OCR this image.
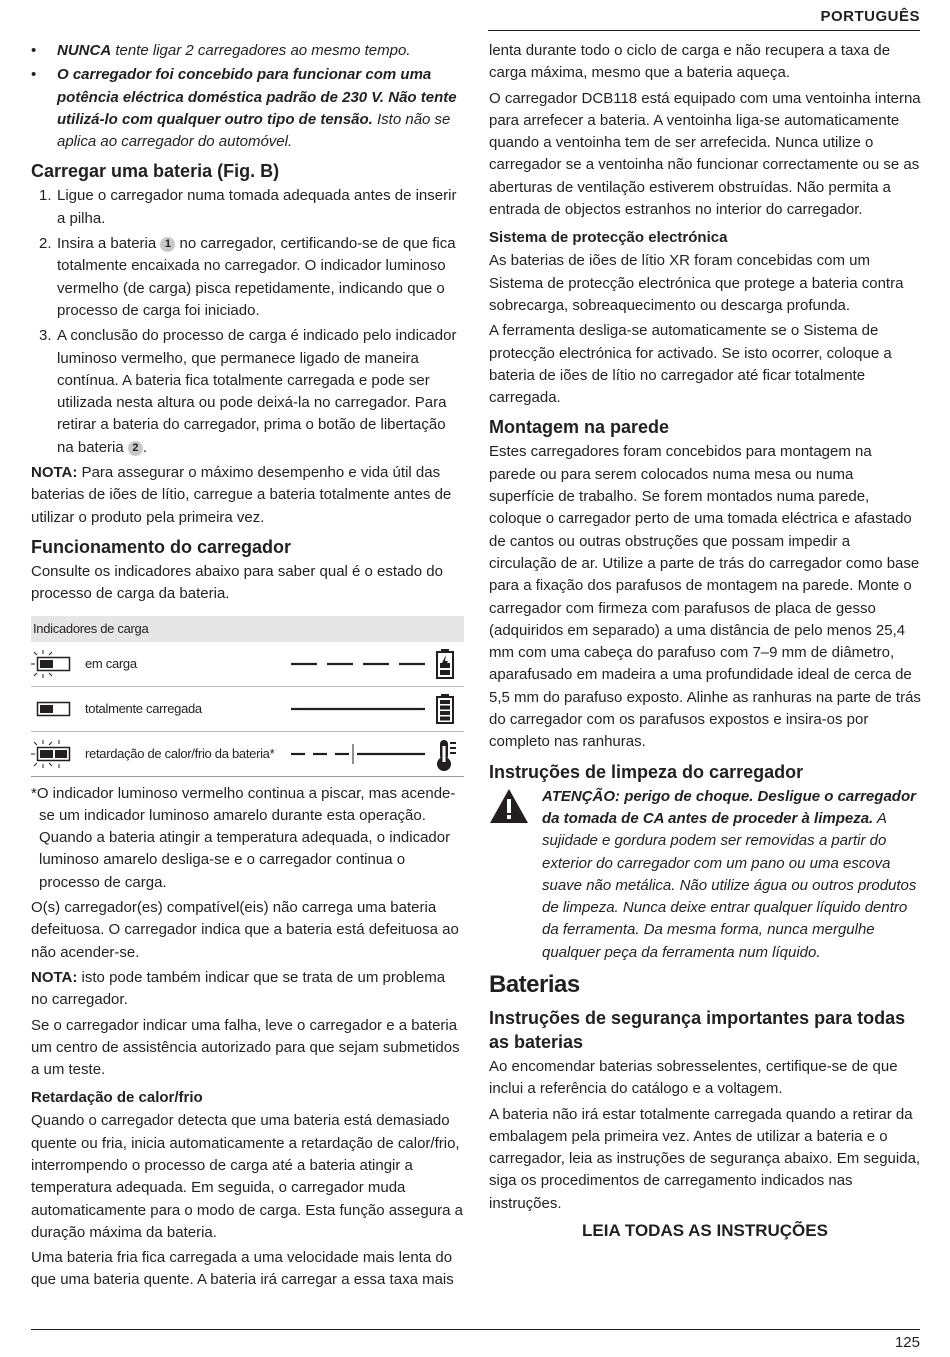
PORTUGUÊS
• NUNCA tente ligar 2 carregadores ao mesmo tempo.
• O carregador foi concebido para funcionar com uma potência eléctrica doméstica padrão de 230 V. Não tente utilizá-lo com qualquer outro tipo de tensão. Isto não se aplica ao carregador do automóvel.
Carregar uma bateria (Fig. B)
1. Ligue o carregador numa tomada adequada antes de inserir a pilha.
2. Insira a bateria 1 no carregador, certificando-se de que fica totalmente encaixada no carregador. O indicador luminoso vermelho (de carga) pisca repetidamente, indicando que o processo de carga foi iniciado.
3. A conclusão do processo de carga é indicado pelo indicador luminoso vermelho, que permanece ligado de maneira contínua. A bateria fica totalmente carregada e pode ser utilizada nesta altura ou pode deixá-la no carregador. Para retirar a bateria do carregador, prima o botão de libertação na bateria 2 .

NOTA: Para assegurar o máximo desempenho e vida útil das baterias de iões de lítio, carregue a bateria totalmente antes de utilizar o produto pela primeira vez.

Funcionamento do carregador

Consulte os indicadores abaixo para saber qual é o estado do processo de carga da bateria.

Indicadores de carga
em carga
totalmente carregada
retardação de calor/frio da bateria*

*O indicador luminoso vermelho continua a piscar, mas acende-se um indicador luminoso amarelo durante esta operação. Quando a bateria atingir a temperatura adequada, o indicador luminoso amarelo desliga-se e o carregador continua o processo de carga.

O(s) carregador(es) compatível(eis) não carrega uma bateria defeituosa. O carregador indica que a bateria está defeituosa ao não acender-se.

NOTA: isto pode também indicar que se trata de um problema no carregador.

Se o carregador indicar uma falha, leve o carregador e a bateria um centro de assistência autorizado para que sejam submetidos a um teste.

Retardação de calor/frio

Quando o carregador detecta que uma bateria está demasiado quente ou fria, inicia automaticamente a retardação de calor/frio, interrompendo o processo de carga até a bateria atingir a temperatura adequada. Em seguida, o carregador muda automaticamente para o modo de carga. Esta função assegura a duração máxima da bateria.

Uma bateria fria fica carregada a uma velocidade mais lenta do que uma bateria quente. A bateria irá carregar a essa taxa mais

lenta durante todo o ciclo de carga e não recupera a taxa de carga máxima, mesmo que a bateria aqueça.

O carregador DCB118 está equipado com uma ventoinha interna para arrefecer a bateria. A ventoinha liga-se automaticamente quando a ventoinha tem de ser arrefecida. Nunca utilize o carregador se a ventoinha não funcionar correctamente ou se as aberturas de ventilação estiverem obstruídas. Não permita a entrada de objectos estranhos no interior do carregador.

Sistema de protecção electrónica

As baterias de iões de lítio XR foram concebidas com um Sistema de protecção electrónica que protege a bateria contra sobrecarga, sobreaquecimento ou descarga profunda.

A ferramenta desliga-se automaticamente se o Sistema de protecção electrónica for activado. Se isto ocorrer, coloque a bateria de iões de lítio no carregador até ficar totalmente carregada.

Montagem na parede

Estes carregadores foram concebidos para montagem na parede ou para serem colocados numa mesa ou numa superfície de trabalho. Se forem montados numa parede, coloque o carregador perto de uma tomada eléctrica e afastado de cantos ou outras obstruções que possam impedir a circulação de ar. Utilize a parte de trás do carregador como base para a fixação dos parafusos de montagem na parede. Monte o carregador com firmeza com parafusos de placa de gesso (adquiridos em separado) a uma distância de pelo menos 25,4 mm com uma cabeça do parafuso com 7–9 mm de diâmetro, aparafusado em madeira a uma profundidade ideal de cerca de 5,5 mm do parafuso exposto. Alinhe as ranhuras na parte de trás do carregador com os parafusos expostos e insira-os por completo nas ranhuras.

Instruções de limpeza do carregador

ATENÇÃO: perigo de choque. Desligue o carregador da tomada de CA antes de proceder à limpeza. A sujidade e gordura podem ser removidas a partir do exterior do carregador com um pano ou uma escova suave não metálica. Não utilize água ou outros produtos de limpeza. Nunca deixe entrar qualquer líquido dentro da ferramenta. Da mesma forma, nunca mergulhe qualquer peça da ferramenta num líquido.

Baterias
Instruções de segurança importantes para todas as baterias

Ao encomendar baterias sobresselentes, certifique-se de que inclui a referência do catálogo e a voltagem.

A bateria não irá estar totalmente carregada quando a retirar da embalagem pela primeira vez. Antes de utilizar a bateria e o carregador, leia as instruções de segurança abaixo. Em seguida, siga os procedimentos de carregamento indicados nas instruções.

LEIA TODAS AS INSTRUÇÕES
125
